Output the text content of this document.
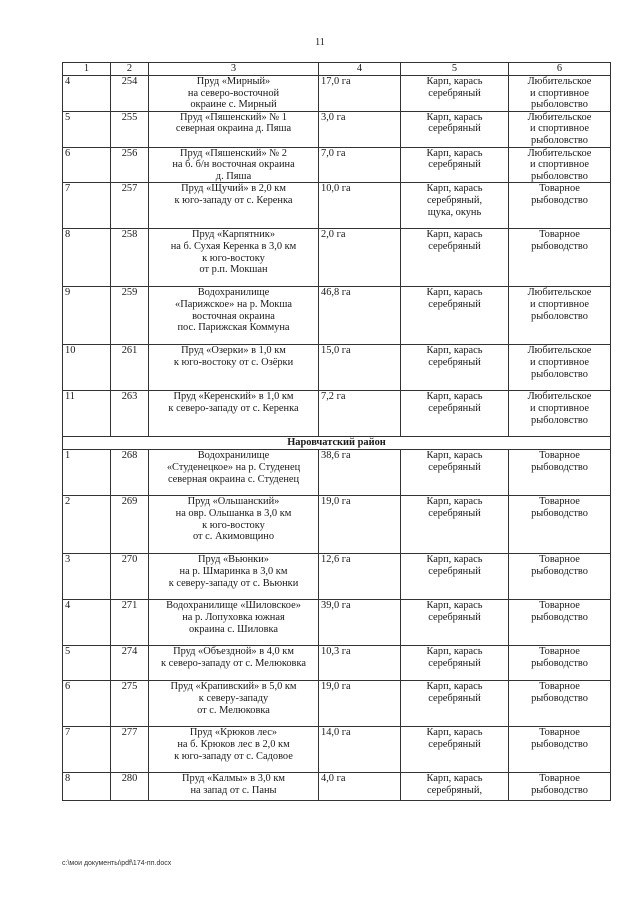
11
1	2	3	4	5	6
4	254	Пруд «Мирный»
на северо-восточной
окраине с. Мирный	17,0 га	Карп, карась
серебряный	Любительское
и спортивное
рыболовство

5	255	Пруд «Пяшенский» № 1
северная окраина д. Пяша	3,0 га	Карп, карась
серебряный	Любительское
и спортивное
рыболовство

6	256	Пруд «Пяшенский» № 2
на б. б/н восточная окраина
д. Пяша	7,0 га	Карп, карась
серебряный	Любительское
и спортивное
рыболовство

7	257	Пруд «Щучий» в 2,0 км
к юго-западу от с. Керенка	10,0 га	Карп, карась
серебряный,
щука, окунь	Товарное
рыбоводство

8	258	Пруд «Карпятник»
на б. Сухая Керенка в 3,0 км
к юго-востоку
от р.п. Мокшан	2,0 га	Карп, карась
серебряный	Товарное
рыбоводство

9	259	Водохранилище
«Парижское» на р. Мокша
восточная окраина
пос. Парижская Коммуна	46,8 га	Карп, карась
серебряный	Любительское
и спортивное
рыболовство

10	261	Пруд «Озерки» в 1,0 км
к юго-востоку от с. Озёрки	15,0 га	Карп, карась
серебряный	Любительское
и спортивное
рыболовство

11	263	Пруд «Керенский» в 1,0 км
к северо-западу от с. Керенка	7,2 га	Карп, карась
серебряный	Любительское
и спортивное
рыболовство

Наровчатский район					
1	268	Водохранилище
«Студенецкое» на р. Студенец
северная окраина с. Студенец	38,6 га	Карп, карась
серебряный	Товарное
рыбоводство

2	269	Пруд «Ольшанский»
на овр. Ольшанка в 3,0 км
к юго-востоку
от с. Акимовщино	19,0 га	Карп, карась
серебряный	Товарное
рыбоводство

3	270	Пруд «Вьюнки»
на р. Шмаринка в 3,0 км
к северу-западу от с. Вьюнки	12,6 га	Карп, карась
серебряный	Товарное
рыбоводство

4	271	Водохранилище «Шиловское»
на р. Лопуховка южная
окраина с. Шиловка	39,0 га	Карп, карась
серебряный	Товарное
рыбоводство

5	274	Пруд «Объездной» в 4,0 км
к северо-западу от с. Мелюковка	10,3 га	Карп, карась
серебряный	Товарное
рыбоводство

6	275	Пруд «Крапивский» в 5,0 км
к северу-западу
от с. Мелюковка	19,0 га	Карп, карась
серебряный	Товарное
рыбоводство

7	277	Пруд «Крюков лес»
на б. Крюков лес в 2,0 км
к юго-западу от с. Садовое	14,0 га	Карп, карась
серебряный	Товарное
рыбоводство

8	280	Пруд «Калмы» в 3,0 км
на запад от с. Паны	4,0 га	Карп, карась
серебряный,	Товарное
рыбоводство
c:\мои документы\pdf\174-пп.docx
